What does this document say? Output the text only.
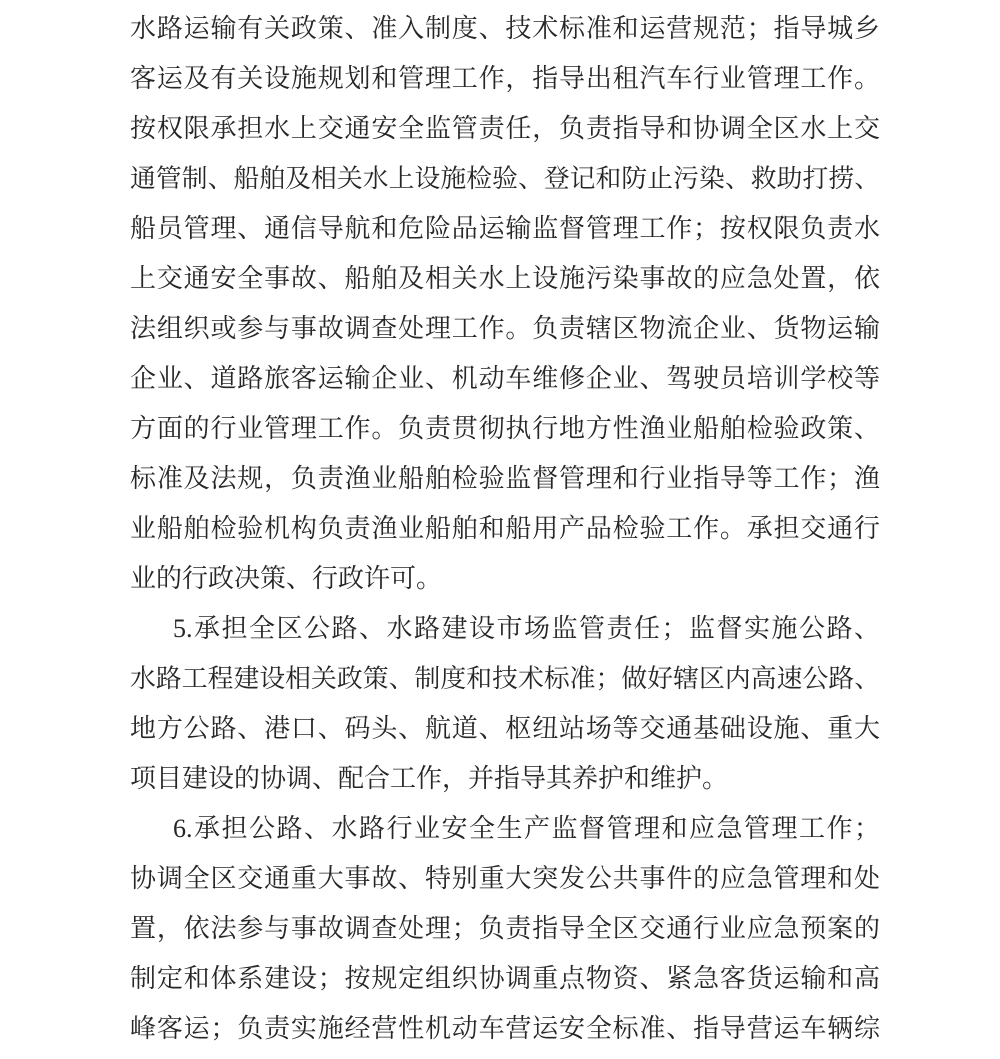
水路运输有关政策、准入制度、技术标准和运营规范；指导城乡
客运及有关设施规划和管理工作，指导出租汽车行业管理工作。
按权限承担水上交通安全监管责任，负责指导和协调全区水上交
通管制、船舶及相关水上设施检验、登记和防止污染、救助打捞、
船员管理、通信导航和危险品运输监督管理工作；按权限负责水
上交通安全事故、船舶及相关水上设施污染事故的应急处置，依
法组织或参与事故调查处理工作。负责辖区物流企业、货物运输
企业、道路旅客运输企业、机动车维修企业、驾驶员培训学校等
方面的行业管理工作。负责贯彻执行地方性渔业船舶检验政策、
标准及法规，负责渔业船舶检验监督管理和行业指导等工作；渔
业船舶检验机构负责渔业船舶和船用产品检验工作。承担交通行
业的行政决策、行政许可。
5.承担全区公路、水路建设市场监管责任；监督实施公路、
水路工程建设相关政策、制度和技术标准；做好辖区内高速公路、
地方公路、港口、码头、航道、枢纽站场等交通基础设施、重大
项目建设的协调、配合工作，并指导其养护和维护。
6.承担公路、水路行业安全生产监督管理和应急管理工作；
协调全区交通重大事故、特别重大突发公共事件的应急管理和处
置，依法参与事故调查处理；负责指导全区交通行业应急预案的
制定和体系建设；按规定组织协调重点物资、紧急客货运输和高
峰客运；负责实施经营性机动车营运安全标准、指导营运车辆综
